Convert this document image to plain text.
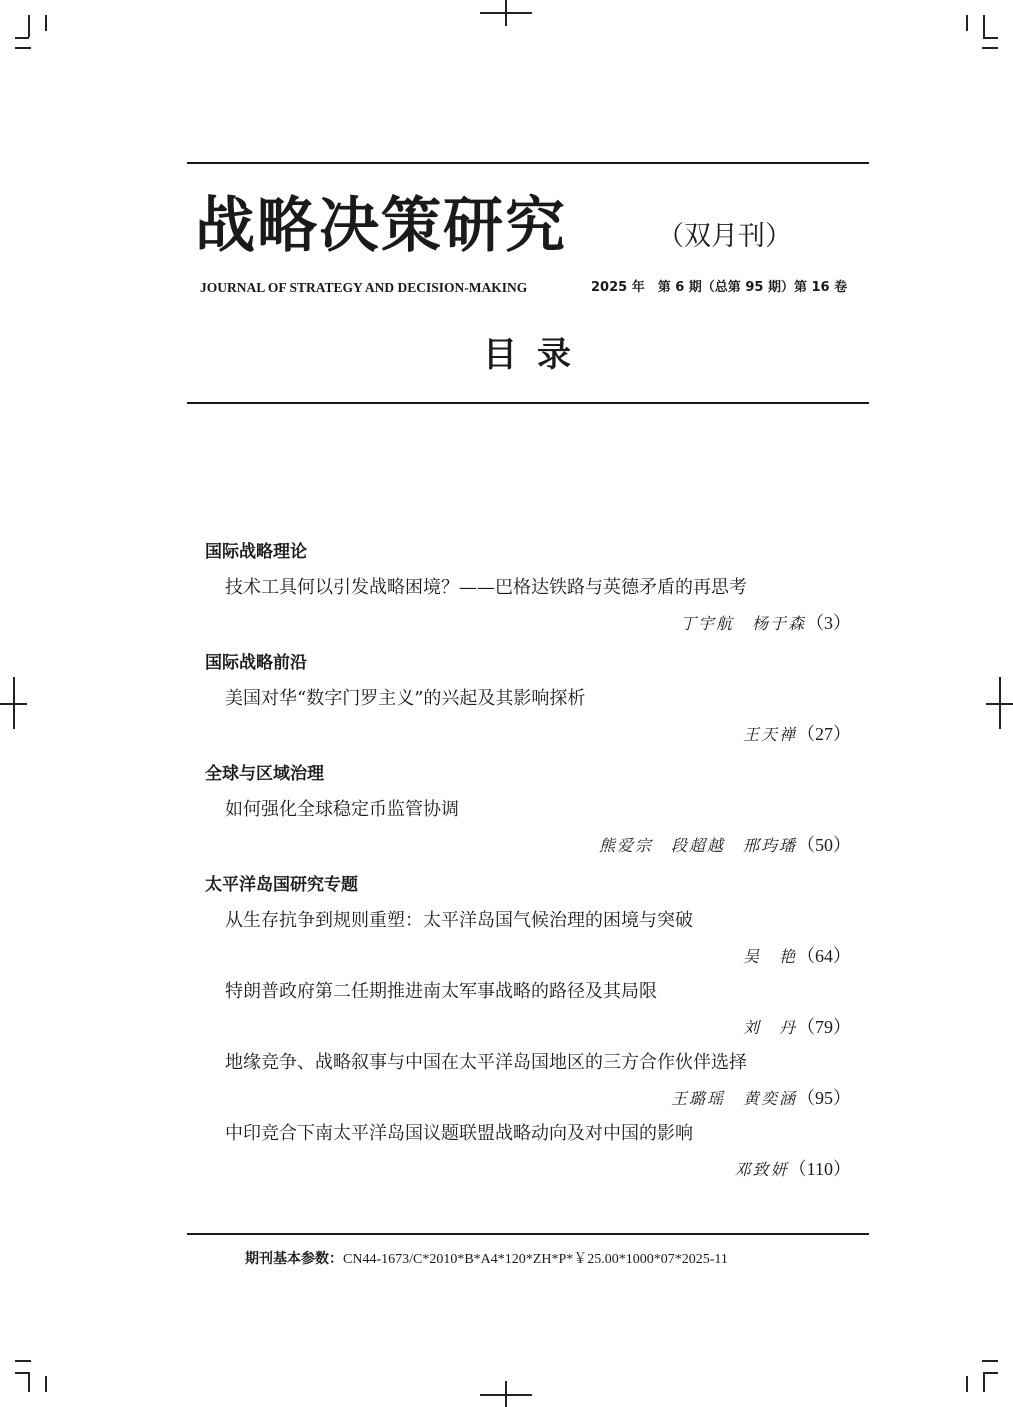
战略决策研究	（双月刊）
JOURNAL OF STRATEGY AND DECISION-MAKING	2025 年　第 6 期（总第 95 期）第 16 卷
目录
国际战略理论
技术工具何以引发战略困境？——巴格达铁路与英德矛盾的再思考
丁宇航　杨于森（3）
国际战略前沿
美国对华“数字门罗主义”的兴起及其影响探析
王天禅（27）
全球与区域治理
如何强化全球稳定币监管协调
熊爱宗　段超越　邢玙璠（50）
太平洋岛国研究专题
从生存抗争到规则重塑：太平洋岛国气候治理的困境与突破
吴　艳（64）
特朗普政府第二任期推进南太军事战略的路径及其局限
刘　丹（79）
地缘竞争、战略叙事与中国在太平洋岛国地区的三方合作伙伴选择
王璐瑶　黄奕涵（95）
中印竞合下南太平洋岛国议题联盟战略动向及对中国的影响
邓致妍（110）
期刊基本参数：CN44-1673/C*2010*B*A4*120*ZH*P*￥25.00*1000*07*2025-11
